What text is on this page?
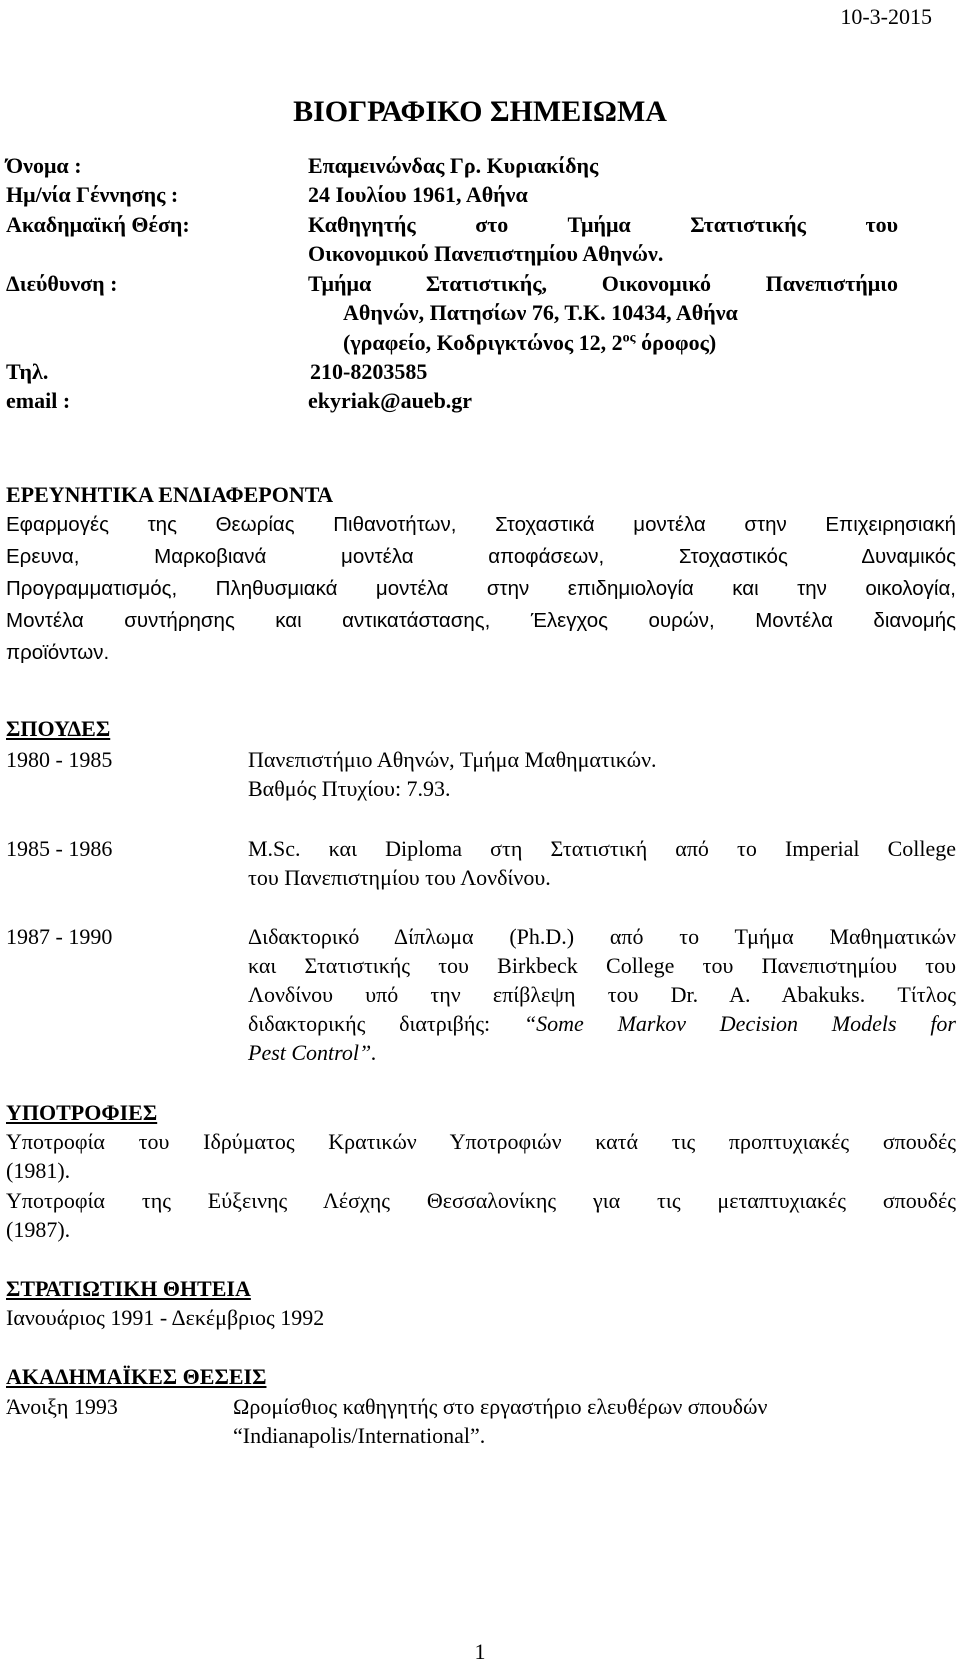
10-3-2015
ΒΙΟΓΡΑΦΙΚΟ ΣΗΜΕΙΩΜΑ
Όνομα :	Επαμεινώνδας Γρ. Κυριακίδης
Ημ/νία Γέννησης :	24 Ιουλίου 1961, Αθήνα
Ακαδημαϊκή Θέση:	Καθηγητής στο Τμήμα Στατιστικής του
Οικονομικού Πανεπιστημίου Αθηνών.
Διεύθυνση :	Τμήμα Στατιστικής, Οικονομικό Πανεπιστήμιο
Αθηνών, Πατησίων 76, Τ.Κ. 10434, Αθήνα
(γραφείο, Κοδριγκτώνος 12, $2^{o\varsigma}$ όροφος)
Τηλ.	210-8203585
email :	ekyriak@aueb.gr
ΕΡΕΥΝΗΤΙΚΑ ΕΝΔΙΑΦΕΡΟΝΤΑ

Εφαρμογές της Θεωρίας Πιθανοτήτων, Στοχαστικά μοντέλα στην Επιχειρησιακή
Ερευνα, Μαρκοβιανά μοντέλα αποφάσεων, Στοχαστικός Δυναμικός
Προγραμματισμός, Πληθυσμιακά μοντέλα στην επιδημιολογία και την οικολογία,
Μοντέλα συντήρησης και αντικατάστασης, Έλεγχος ουρών, Μοντέλα διανομής
προϊόντων.

ΣΠΟΥΔΕΣ
1980 - 1985	Πανεπιστήμιο Αθηνών, Τμήμα Μαθηματικών.
Βαθμός Πτυχίου: 7.93.

1985 - 1986	M.Sc. και Diploma στη Στατιστική από το Imperial College
του Πανεπιστημίου του Λονδίνου.

1987 - 1990	Διδακτορικό Δίπλωμα (Ph.D.) από το Τμήμα Μαθηματικών
και Στατιστικής του Birkbeck College του Πανεπιστημίου του
Λονδίνου υπό την επίβλεψη του Dr. A. Abakuks. Τίτλος
διδακτορικής διατριβής: “Some Markov Decision Models for
Pest Control”.

ΥΠΟΤΡΟΦΙΕΣ

Υποτροφία του Ιδρύματος Κρατικών Υποτροφιών κατά τις προπτυχιακές σπουδές
(1981).

Υποτροφία της Εύξεινης Λέσχης Θεσσαλονίκης για τις μεταπτυχιακές σπουδές
(1987).

ΣΤΡΑΤΙΩΤΙΚΗ ΘΗΤΕΙΑ
Ιανουάριος 1991 - Δεκέμβριος 1992
ΑΚΑΔΗΜΑΪΚΕΣ ΘΕΣΕΙΣ
Άνοιξη 1993	Ωρομίσθιος καθηγητής στο εργαστήριο ελευθέρων σπουδών
“Indianapolis/International”.

1
